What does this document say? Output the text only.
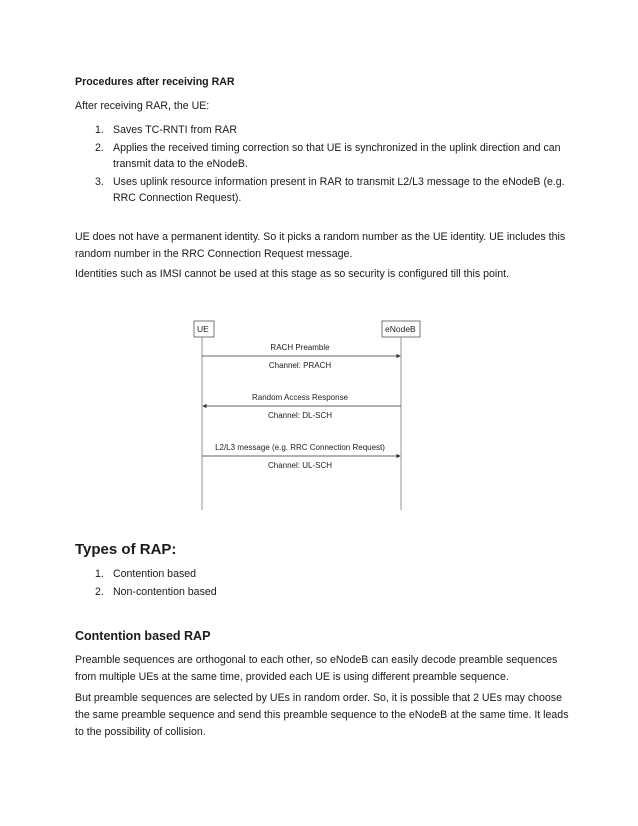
Procedures after receiving RAR
After receiving RAR, the UE:
1. Saves TC-RNTI from RAR
2. Applies the received timing correction so that UE is synchronized in the uplink direction and can transmit data to the eNodeB.
3. Uses uplink resource information present in RAR to transmit L2/L3 message to the eNodeB (e.g. RRC Connection Request).
UE does not have a permanent identity. So it picks a random number as the UE identity. UE includes this random number in the RRC Connection Request message.
Identities such as IMSI cannot be used at this stage as so security is configured till this point.
UE	eNodeB
RACH Preamble
Channel: PRACH
Random Access Response
Channel: DL-SCH
L2/L3 message (e.g. RRC Connection Request)
Channel: UL-SCH
Types of RAP:
1. Contention based
2. Non-contention based
Contention based RAP
Preamble sequences are orthogonal to each other, so eNodeB can easily decode preamble sequences from multiple UEs at the same time, provided each UE is using different preamble sequence.
But preamble sequences are selected by UEs in random order. So, it is possible that 2 UEs may choose the same preamble sequence and send this preamble sequence to the eNodeB at the same time. It leads to the possibility of collision.
